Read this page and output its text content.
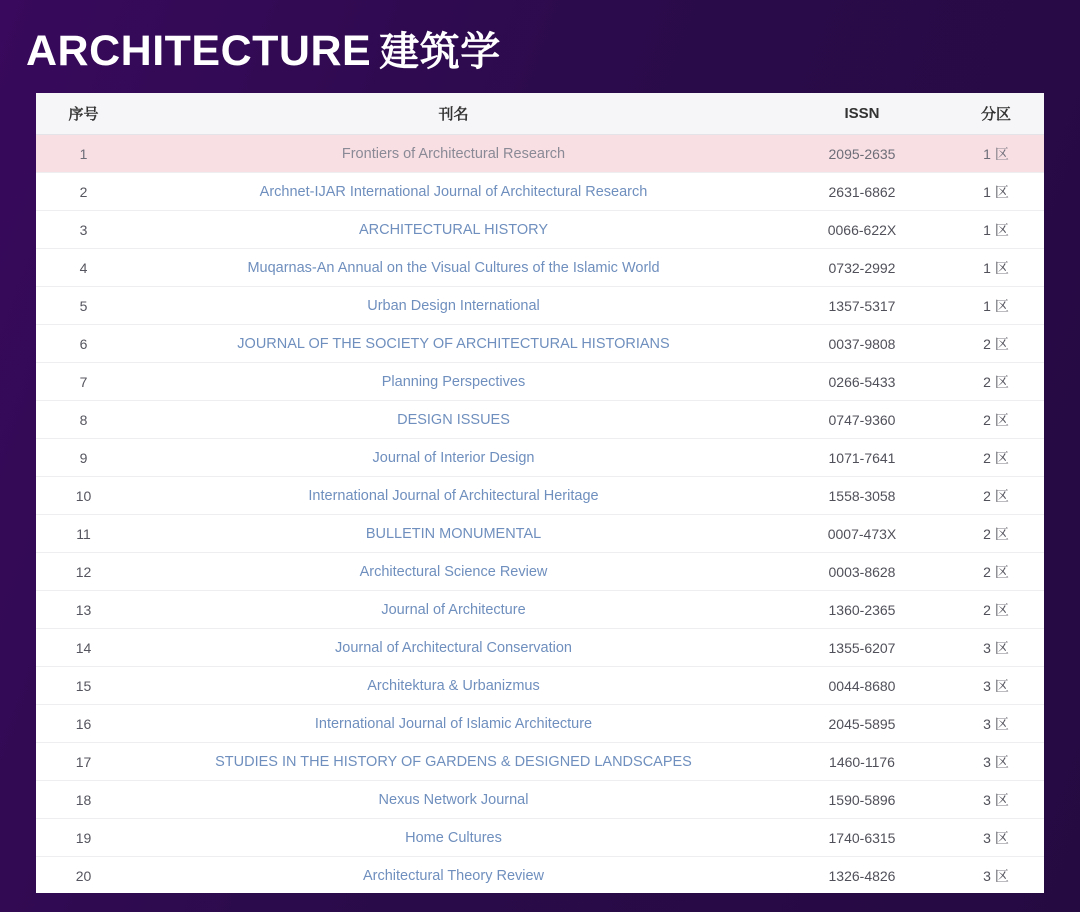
ARCHITECTURE 建筑学
序号	刊名	ISSN	分区
1	Frontiers of Architectural Research	2095-2635	1 区
2	Archnet-IJAR International Journal of Architectural Research	2631-6862	1 区
3	ARCHITECTURAL HISTORY	0066-622X	1 区
4	Muqarnas-An Annual on the Visual Cultures of the Islamic World	0732-2992	1 区
5	Urban Design International	1357-5317	1 区
6	JOURNAL OF THE SOCIETY OF ARCHITECTURAL HISTORIANS	0037-9808	2 区
7	Planning Perspectives	0266-5433	2 区
8	DESIGN ISSUES	0747-9360	2 区
9	Journal of Interior Design	1071-7641	2 区
10	International Journal of Architectural Heritage	1558-3058	2 区
11	BULLETIN MONUMENTAL	0007-473X	2 区
12	Architectural Science Review	0003-8628	2 区
13	Journal of Architecture	1360-2365	2 区
14	Journal of Architectural Conservation	1355-6207	3 区
15	Architektura & Urbanizmus	0044-8680	3 区
16	International Journal of Islamic Architecture	2045-5895	3 区
17	STUDIES IN THE HISTORY OF GARDENS & DESIGNED LANDSCAPES	1460-1176	3 区
18	Nexus Network Journal	1590-5896	3 区
19	Home Cultures	1740-6315	3 区
20	Architectural Theory Review	1326-4826	3 区
